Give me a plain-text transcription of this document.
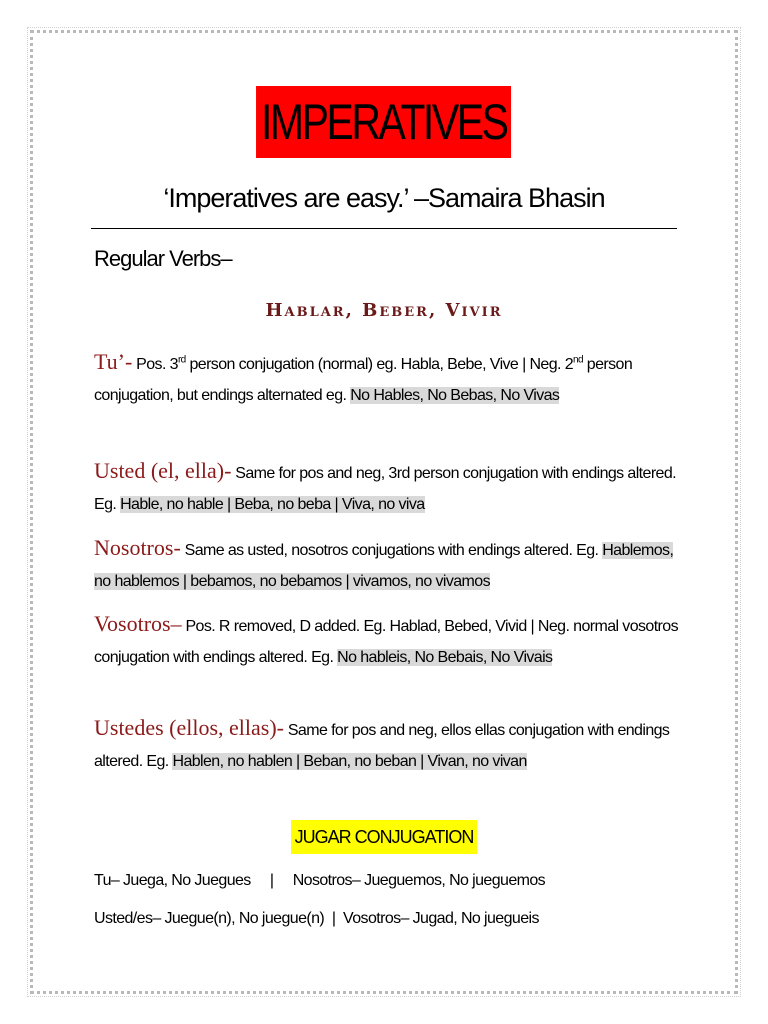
IMPERATIVES
‘Imperatives are easy.’ –Samaira Bhasin
Regular Verbs–
Hablar, Beber, Vivir
Tu’- Pos. 3rd person conjugation (normal) eg. Habla, Bebe, Vive | Neg. 2nd person conjugation, but endings alternated eg. No Hables, No Bebas, No Vivas
Usted (el, ella)- Same for pos and neg, 3rd person conjugation with endings altered. Eg. Hable, no hable | Beba, no beba | Viva, no viva
Nosotros- Same as usted, nosotros conjugations with endings altered. Eg. Hablemos, no hablemos | bebamos, no bebamos | vivamos, no vivamos
Vosotros– Pos. R removed, D added. Eg. Hablad, Bebed, Vivid | Neg. normal vosotros conjugation with endings altered. Eg. No hableis, No Bebais, No Vivais
Ustedes (ellos, ellas)- Same for pos and neg, ellos ellas conjugation with endings altered. Eg. Hablen, no hablen | Beban, no beban | Vivan, no vivan
JUGAR CONJUGATION
Tu– Juega, No Juegues     |     Nosotros– Jueguemos, No jueguemos
Usted/es– Juegue(n), No juegue(n)  |  Vosotros– Jugad, No juegueis
